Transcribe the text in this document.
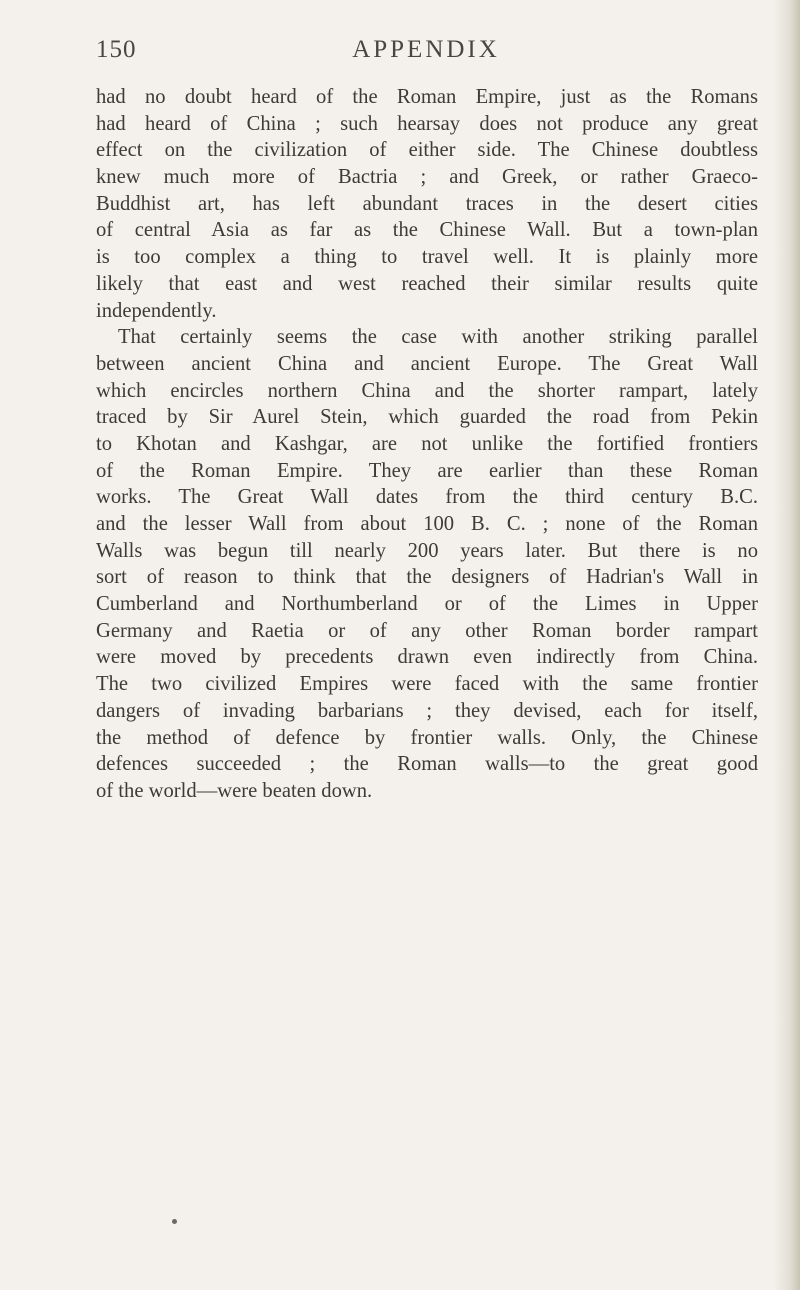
150	APPENDIX
had no doubt heard of the Roman Empire, just as the Romans
had heard of China ; such hearsay does not produce any great
effect on the civilization of either side. The Chinese doubtless
knew much more of Bactria ; and Greek, or rather Graeco-
Buddhist art, has left abundant traces in the desert cities
of central Asia as far as the Chinese Wall. But a town-plan
is too complex a thing to travel well. It is plainly more
likely that east and west reached their similar results quite
independently.
That certainly seems the case with another striking parallel
between ancient China and ancient Europe. The Great Wall
which encircles northern China and the shorter rampart, lately
traced by Sir Aurel Stein, which guarded the road from Pekin
to Khotan and Kashgar, are not unlike the fortified frontiers
of the Roman Empire. They are earlier than these Roman
works. The Great Wall dates from the third century B.C.
and the lesser Wall from about 100 B. C. ; none of the Roman
Walls was begun till nearly 200 years later. But there is no
sort of reason to think that the designers of Hadrian's Wall in
Cumberland and Northumberland or of the Limes in Upper
Germany and Raetia or of any other Roman border rampart
were moved by precedents drawn even indirectly from China.
The two civilized Empires were faced with the same frontier
dangers of invading barbarians ; they devised, each for itself,
the method of defence by frontier walls. Only, the Chinese
defences succeeded ; the Roman walls—to the great good
of the world—were beaten down.
